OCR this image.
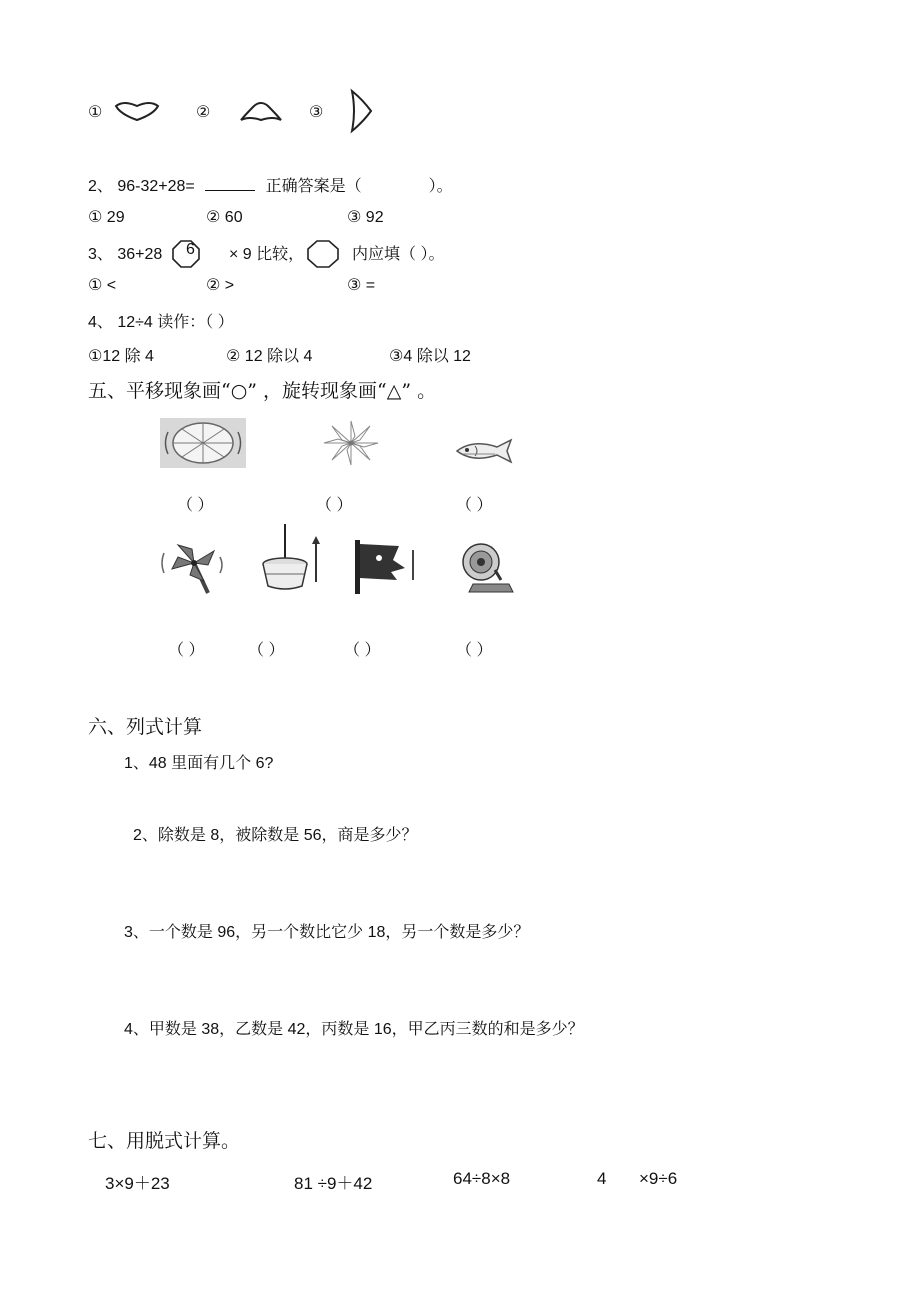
①	②	③
2、 96-32+28=	正确答案是（	）。
① 29	② 60	③ 92
3、 36+28 6 × 9 比较，	内应填（ ）。
① <	② >	③ =
4、 12÷4 读作：（ ）
①12 除 4	② 12 除以 4	③4 除以 12
五、平移现象画“○” ，旋转现象画“△” 。
（ ）	（ ）	（ ）
（ ）	（ ）	（ ）	（ ）
六、列式计算
1、48 里面有几个 6?
2、除数是 8，被除数是 56，商是多少？
3、一个数是 96，另一个数比它少 18，另一个数是多少？
4、甲数是 38，乙数是 42，丙数是 16，甲乙丙三数的和是多少？
七、用脱式计算。
3×9＋23	81 ÷9＋42	64÷8×8	4 ×9÷6
